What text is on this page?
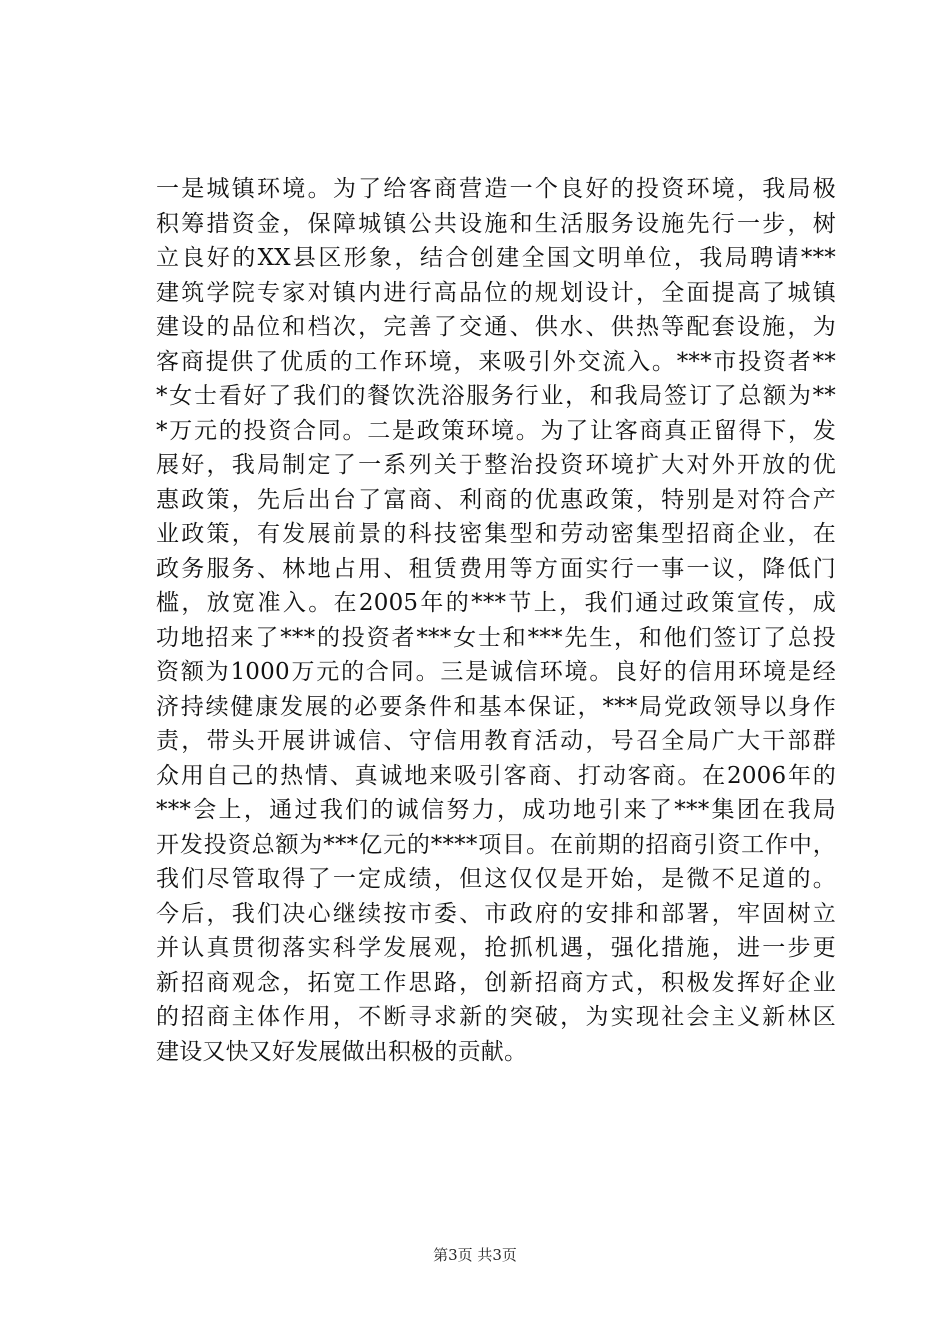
一是城镇环境。为了给客商营造一个良好的投资环境，我局极
积筹措资金，保障城镇公共设施和生活服务设施先行一步，树
立良好的XX县区形象，结合创建全国文明单位，我局聘请***
建筑学院专家对镇内进行高品位的规划设计，全面提高了城镇
建设的品位和档次，完善了交通、供水、供热等配套设施，为
客商提供了优质的工作环境，来吸引外交流入。***市投资者**
*女士看好了我们的餐饮洗浴服务行业，和我局签订了总额为**
*万元的投资合同。二是政策环境。为了让客商真正留得下，发
展好，我局制定了一系列关于整治投资环境扩大对外开放的优
惠政策，先后出台了富商、利商的优惠政策，特别是对符合产
业政策，有发展前景的科技密集型和劳动密集型招商企业，在
政务服务、林地占用、租赁费用等方面实行一事一议，降低门
槛，放宽准入。在2005年的***节上，我们通过政策宣传，成
功地招来了***的投资者***女士和***先生，和他们签订了总投
资额为1000万元的合同。三是诚信环境。良好的信用环境是经
济持续健康发展的必要条件和基本保证，***局党政领导以身作
责，带头开展讲诚信、守信用教育活动，号召全局广大干部群
众用自己的热情、真诚地来吸引客商、打动客商。在2006年的
***会上，通过我们的诚信努力，成功地引来了***集团在我局
开发投资总额为***亿元的****项目。在前期的招商引资工作中，
我们尽管取得了一定成绩，但这仅仅是开始，是微不足道的。
今后，我们决心继续按市委、市政府的安排和部署，牢固树立
并认真贯彻落实科学发展观，抢抓机遇，强化措施，进一步更
新招商观念，拓宽工作思路，创新招商方式，积极发挥好企业
的招商主体作用，不断寻求新的突破，为实现社会主义新林区
建设又快又好发展做出积极的贡献。
第3页 共3页
